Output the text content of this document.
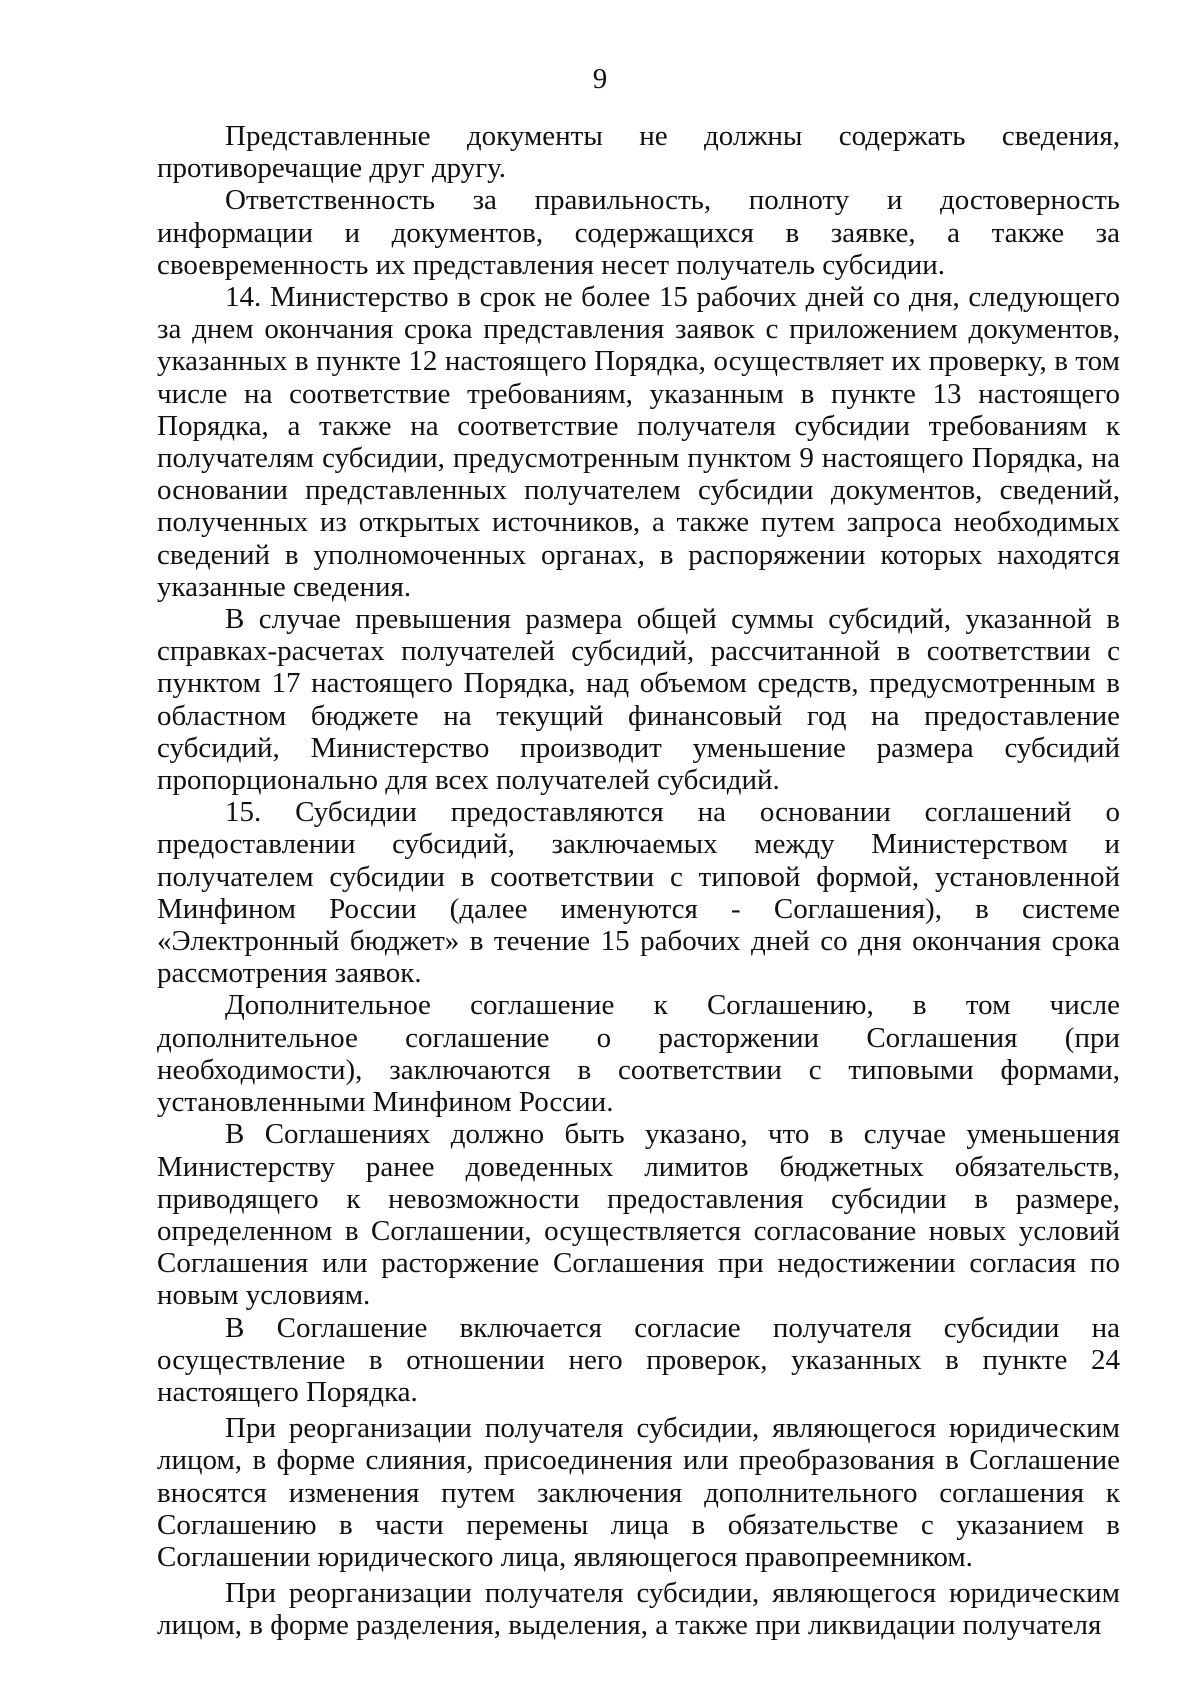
9

Представленные документы не должны содержать сведения, противоречащие друг другу.

Ответственность за правильность, полноту и достоверность информации и документов, содержащихся в заявке, а также за своевременность их представления несет получатель субсидии.

14. Министерство в срок не более 15 рабочих дней со дня, следующего за днем окончания срока представления заявок с приложением документов, указанных в пункте 12 настоящего Порядка, осуществляет их проверку, в том числе на соответствие требованиям, указанным в пункте 13 настоящего Порядка, а также на соответствие получателя субсидии требованиям к получателям субсидии, предусмотренным пунктом 9 настоящего Порядка, на основании представленных получателем субсидии документов, сведений, полученных из открытых источников, а также путем запроса необходимых сведений в уполномоченных органах, в распоряжении которых находятся указанные сведения.

В случае превышения размера общей суммы субсидий, указанной в справках-расчетах получателей субсидий, рассчитанной в соответствии с пунктом 17 настоящего Порядка, над объемом средств, предусмотренным в областном бюджете на текущий финансовый год на предоставление субсидий, Министерство производит уменьшение размера субсидий пропорционально для всех получателей субсидий.

15. Субсидии предоставляются на основании соглашений о предоставлении субсидий, заключаемых между Министерством и получателем субсидии в соответствии с типовой формой, установленной Минфином России (далее именуются - Соглашения), в системе «Электронный бюджет» в течение 15 рабочих дней со дня окончания срока рассмотрения заявок.

Дополнительное соглашение к Соглашению, в том числе дополнительное соглашение о расторжении Соглашения (при необходимости), заключаются в соответствии с типовыми формами, установленными Минфином России.

В Соглашениях должно быть указано, что в случае уменьшения Министерству ранее доведенных лимитов бюджетных обязательств, приводящего к невозможности предоставления субсидии в размере, определенном в Соглашении, осуществляется согласование новых условий Соглашения или расторжение Соглашения при недостижении согласия по новым условиям.

В Соглашение включается согласие получателя субсидии на осуществление в отношении него проверок, указанных в пункте 24 настоящего Порядка.

При реорганизации получателя субсидии, являющегося юридическим лицом, в форме слияния, присоединения или преобразования в Соглашение вносятся изменения путем заключения дополнительного соглашения к Соглашению в части перемены лица в обязательстве с указанием в Соглашении юридического лица, являющегося правопреемником.

При реорганизации получателя субсидии, являющегося юридическим лицом, в форме разделения, выделения, а также при ликвидации получателя
